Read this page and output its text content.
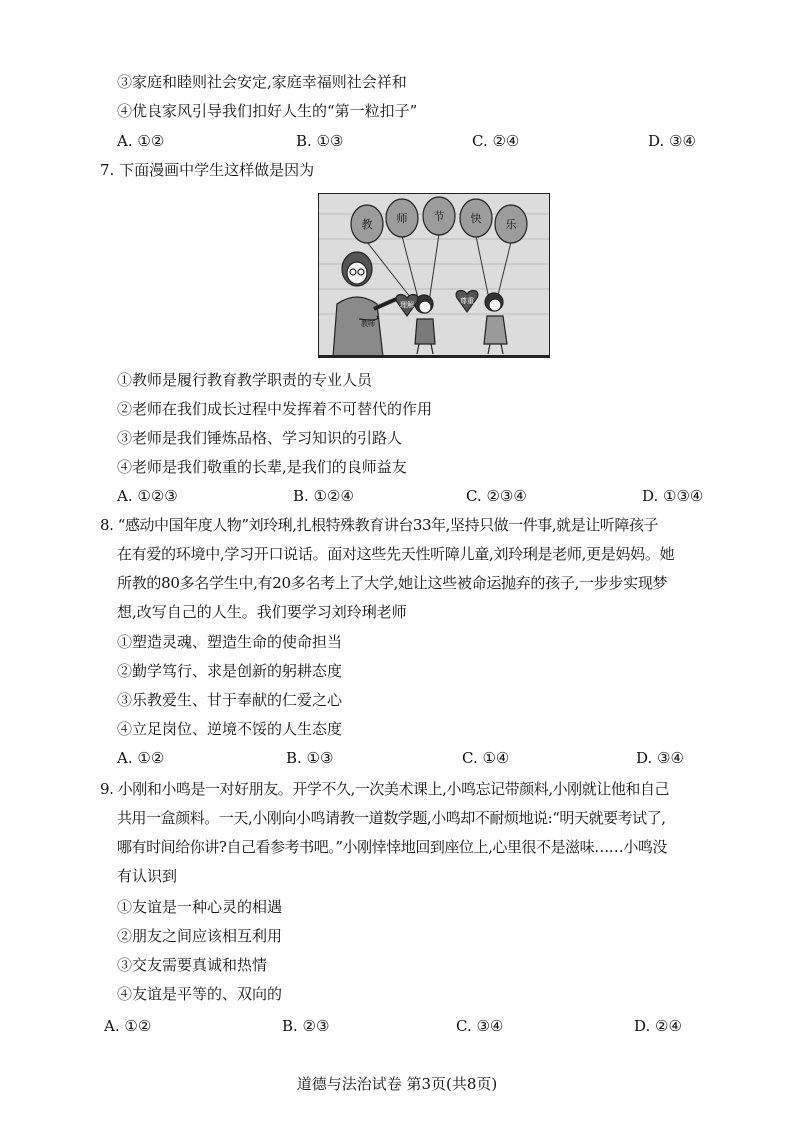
③家庭和睦则社会安定,家庭幸福则社会祥和
④优良家风引导我们扣好人生的“第一粒扣子”
A. ①②	B. ①③	C. ②④	D. ③④
7. 下面漫画中学生这样做是因为
教 师 节 快 乐
教师
理解	尊重
①教师是履行教育教学职责的专业人员
②老师在我们成长过程中发挥着不可替代的作用
③老师是我们锤炼品格、学习知识的引路人
④老师是我们敬重的长辈,是我们的良师益友
A. ①②③	B. ①②④	C. ②③④	D. ①③④
8. “感动中国年度人物”刘玲琍,扎根特殊教育讲台33年,坚持只做一件事,就是让听障孩子
在有爱的环境中,学习开口说话。面对这些先天性听障儿童,刘玲琍是老师,更是妈妈。她
所教的80多名学生中,有20多名考上了大学,她让这些被命运抛弃的孩子,一步步实现梦
想,改写自己的人生。我们要学习刘玲琍老师
①塑造灵魂、塑造生命的使命担当
②勤学笃行、求是创新的躬耕态度
③乐教爱生、甘于奉献的仁爱之心
④立足岗位、逆境不馁的人生态度
A. ①②	B. ①③	C. ①④	D. ③④
9. 小刚和小鸣是一对好朋友。开学不久,一次美术课上,小鸣忘记带颜料,小刚就让他和自己
共用一盒颜料。一天,小刚向小鸣请教一道数学题,小鸣却不耐烦地说:“明天就要考试了,
哪有时间给你讲?自己看参考书吧。”小刚悻悻地回到座位上,心里很不是滋味……小鸣没
有认识到
①友谊是一种心灵的相遇
②朋友之间应该相互利用
③交友需要真诚和热情
④友谊是平等的、双向的
A. ①②	B. ②③	C. ③④	D. ②④
道德与法治试卷 第3页(共8页)
